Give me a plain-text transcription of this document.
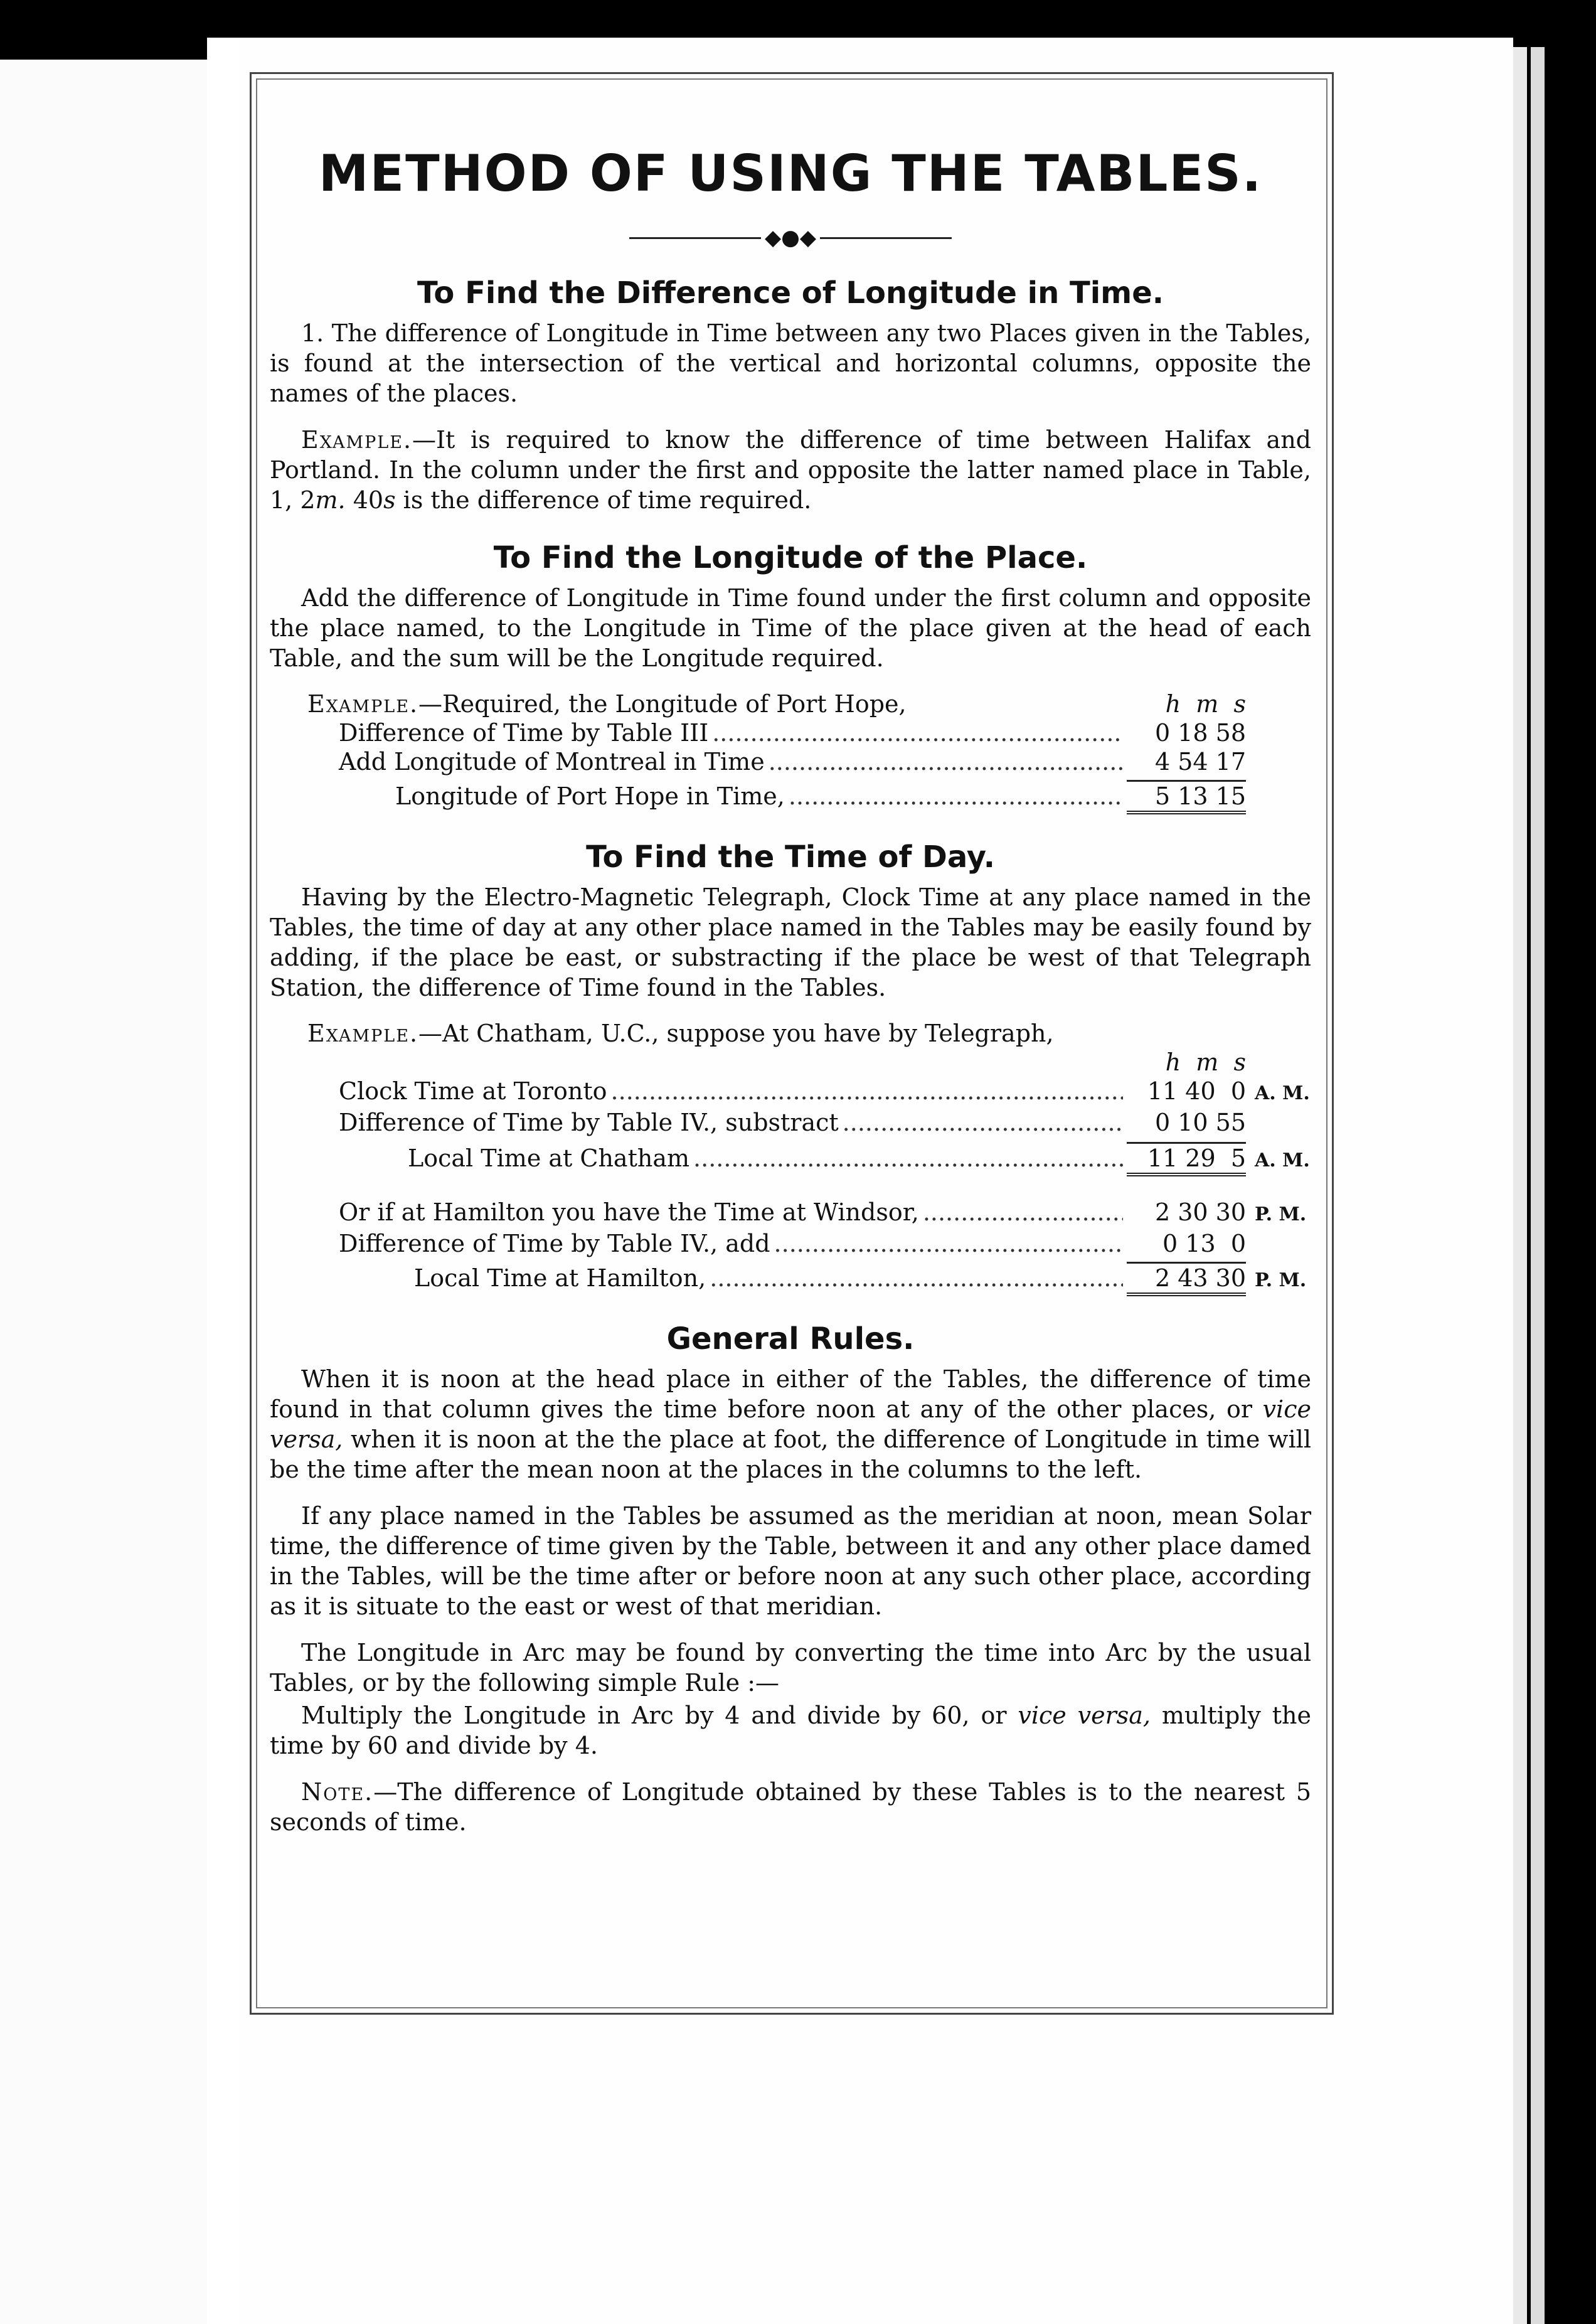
METHOD OF USING THE TABLES.
◆●◆
To Find the Difference of Longitude in Time.

1. The difference of Longitude in Time between any two Places given in the Tables, is found at the intersection of the vertical and horizontal columns, opposite the names of the places.

Example.—It is required to know the difference of time between Halifax and Portland. In the column under the first and opposite the latter named place in Table, 1, 2m. 40s is the difference of time required.

To Find the Longitude of the Place.

Add the difference of Longitude in Time found under the first column and opposite the place named, to the Longitude in Time of the place given at the head of each Table, and the sum will be the Longitude required.

Example.—Required, the Longitude of Port Hope,	h  m  s
Difference of Time by Table III .....	0 18 58
Add Longitude of Montreal in Time .....	4 54 17
Longitude of Port Hope in Time, .....	5 13 15
To Find the Time of Day.

Having by the Electro-Magnetic Telegraph, Clock Time at any place named in the Tables, the time of day at any other place named in the Tables may be easily found by adding, if the place be east, or substracting if the place be west of that Telegraph Station, the difference of Time found in the Tables.

Example.—At Chatham, U.C., suppose you have by Telegraph,
h  m  s
Clock Time at Toronto .....	11 40  0 A. M.
Difference of Time by Table IV., substract .....	0 10 55
Local Time at Chatham .....	11 29  5 A. M.
Or if at Hamilton you have the Time at Windsor, .....	2 30 30 P. M.
Difference of Time by Table IV., add .....	0 13  0
Local Time at Hamilton, .....	2 43 30 P. M.
General Rules.

When it is noon at the head place in either of the Tables, the difference of time found in that column gives the time before noon at any of the other places, or vice versa, when it is noon at the the place at foot, the difference of Longitude in time will be the time after the mean noon at the places in the columns to the left.

If any place named in the Tables be assumed as the meridian at noon, mean Solar time, the difference of time given by the Table, between it and any other place damed in the Tables, will be the time after or before noon at any such other place, according as it is situate to the east or west of that meridian.

The Longitude in Arc may be found by converting the time into Arc by the usual Tables, or by the following simple Rule :—

Multiply the Longitude in Arc by 4 and divide by 60, or vice versa, multiply the time by 60 and divide by 4.

Note.—The difference of Longitude obtained by these Tables is to the nearest 5 seconds of time.
